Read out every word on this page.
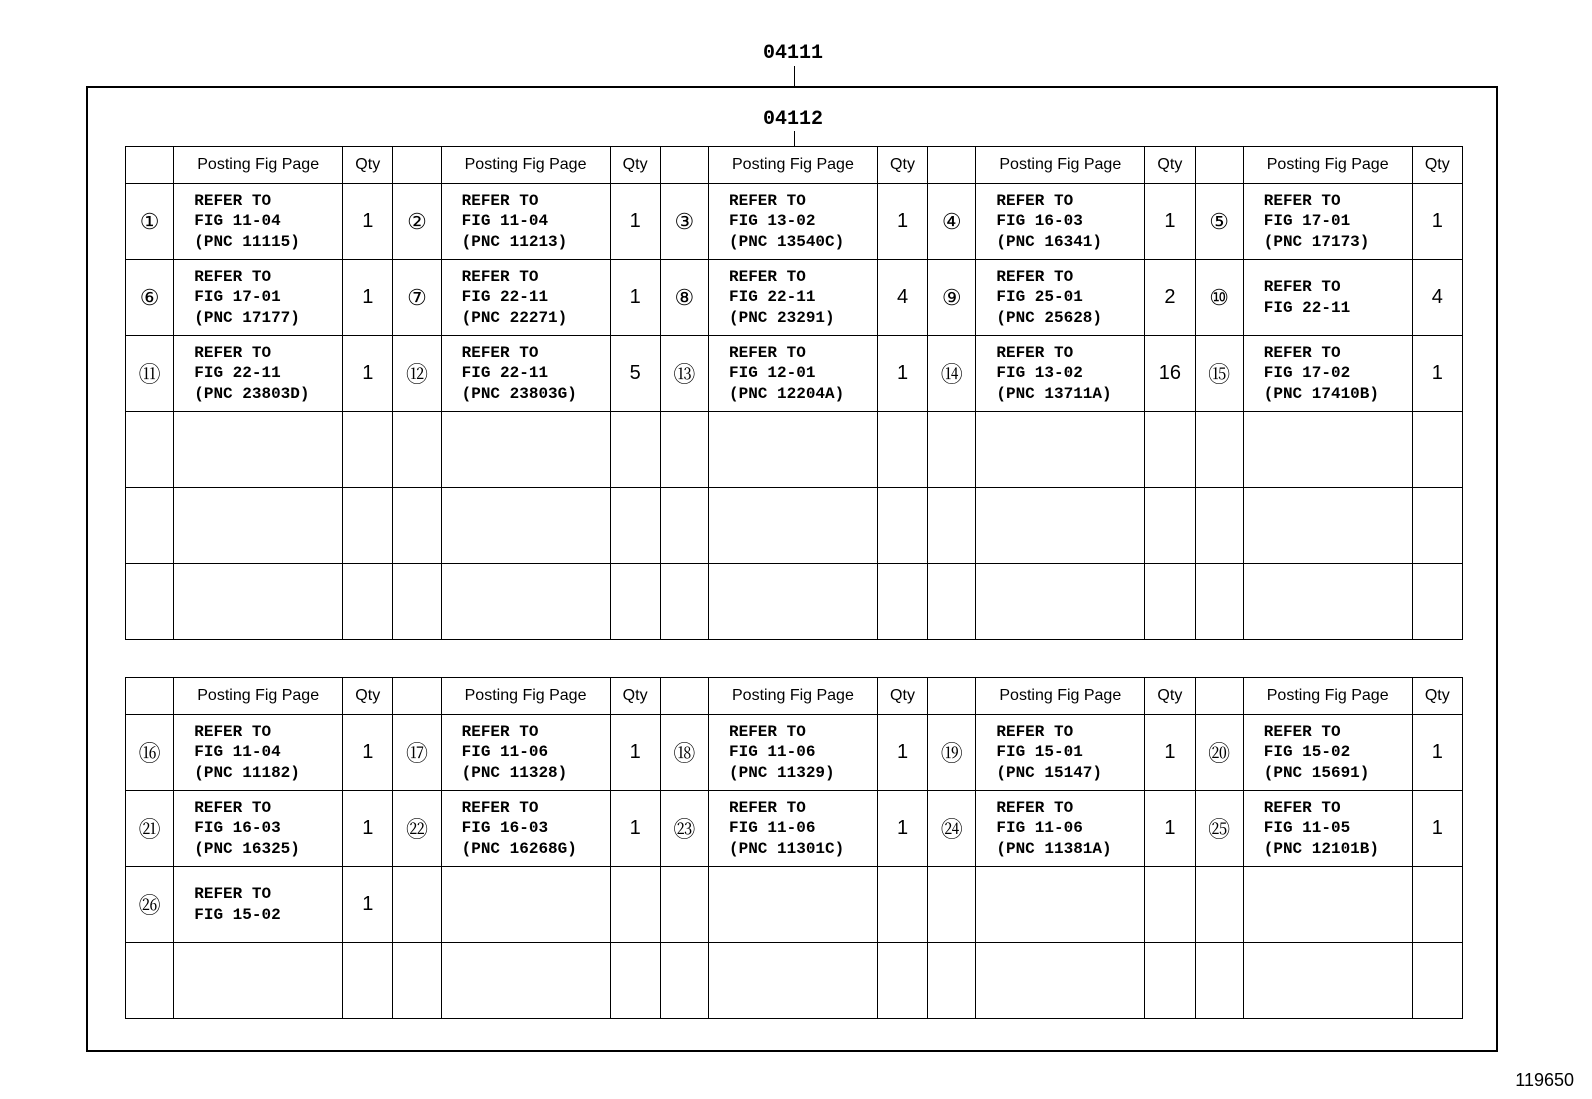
04111
04112
	Posting Fig Page	Qty		Posting Fig Page	Qty		Posting Fig Page	Qty		Posting Fig Page	Qty		Posting Fig Page	Qty
①	REFER TO
FIG 11-04
(PNC 11115)	1	②	REFER TO
FIG 11-04
(PNC 11213)	1	③	REFER TO
FIG 13-02
(PNC 13540C)	1	④	REFER TO
FIG 16-03
(PNC 16341)	1	⑤	REFER TO
FIG 17-01
(PNC 17173)	1
⑥	REFER TO
FIG 17-01
(PNC 17177)	1	⑦	REFER TO
FIG 22-11
(PNC 22271)	1	⑧	REFER TO
FIG 22-11
(PNC 23291)	4	⑨	REFER TO
FIG 25-01
(PNC 25628)	2	⑩	REFER TO
FIG 22-11	4
⑪	REFER TO
FIG 22-11
(PNC 23803D)	1	⑫	REFER TO
FIG 22-11
(PNC 23803G)	5	⑬	REFER TO
FIG 12-01
(PNC 12204A)	1	⑭	REFER TO
FIG 13-02
(PNC 13711A)	16	⑮	REFER TO
FIG 17-02
(PNC 17410B)	1

	Posting Fig Page	Qty		Posting Fig Page	Qty		Posting Fig Page	Qty		Posting Fig Page	Qty		Posting Fig Page	Qty
⑯	REFER TO
FIG 11-04
(PNC 11182)	1	⑰	REFER TO
FIG 11-06
(PNC 11328)	1	⑱	REFER TO
FIG 11-06
(PNC 11329)	1	⑲	REFER TO
FIG 15-01
(PNC 15147)	1	⑳	REFER TO
FIG 15-02
(PNC 15691)	1
㉑	REFER TO
FIG 16-03
(PNC 16325)	1	㉒	REFER TO
FIG 16-03
(PNC 16268G)	1	㉓	REFER TO
FIG 11-06
(PNC 11301C)	1	㉔	REFER TO
FIG 11-06
(PNC 11381A)	1	㉕	REFER TO
FIG 11-05
(PNC 12101B)	1
㉖	REFER TO
FIG 15-02	1												

119650
